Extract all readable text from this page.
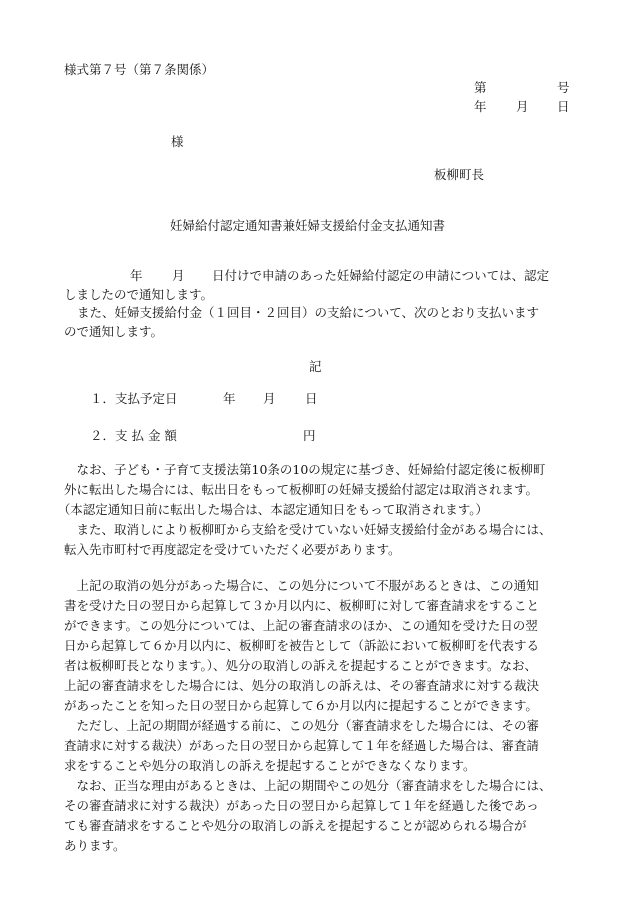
様式第７号（第７条関係）
第	号
年 月 日
様
板柳町長
妊婦給付認定通知書兼妊婦支援給付金支払通知書
年 月 日付けで申請のあった妊婦給付認定の申請については、認定
しましたので通知します。
また、妊婦支援給付金（１回目・２回目）の支給について、次のとおり支払います
ので通知します。
記
１．支払予定日	年 月 日
２．支 払 金 額	円
なお、子ども・子育て支援法第10条の10の規定に基づき、妊婦給付認定後に板柳町
外に転出した場合には、転出日をもって板柳町の妊婦支援給付認定は取消されます。
（本認定通知日前に転出した場合は、本認定通知日をもって取消されます。）
また、取消しにより板柳町から支給を受けていない妊婦支援給付金がある場合には、
転入先市町村で再度認定を受けていただく必要があります。
上記の取消の処分があった場合に、この処分について不服があるときは、この通知
書を受けた日の翌日から起算して３か月以内に、板柳町に対して審査請求をすること
ができます。この処分については、上記の審査請求のほか、この通知を受けた日の翌
日から起算して６か月以内に、板柳町を被告として（訴訟において板柳町を代表する
者は板柳町長となります。）、処分の取消しの訴えを提起することができます。なお、
上記の審査請求をした場合には、処分の取消しの訴えは、その審査請求に対する裁決
があったことを知った日の翌日から起算して６か月以内に提起することができます。
ただし、上記の期間が経過する前に、この処分（審査請求をした場合には、その審
査請求に対する裁決）があった日の翌日から起算して１年を経過した場合は、審査請
求をすることや処分の取消しの訴えを提起することができなくなります。
なお、正当な理由があるときは、上記の期間やこの処分（審査請求をした場合には、
その審査請求に対する裁決）があった日の翌日から起算して１年を経過した後であっ
ても審査請求をすることや処分の取消しの訴えを提起することが認められる場合が
あります。
